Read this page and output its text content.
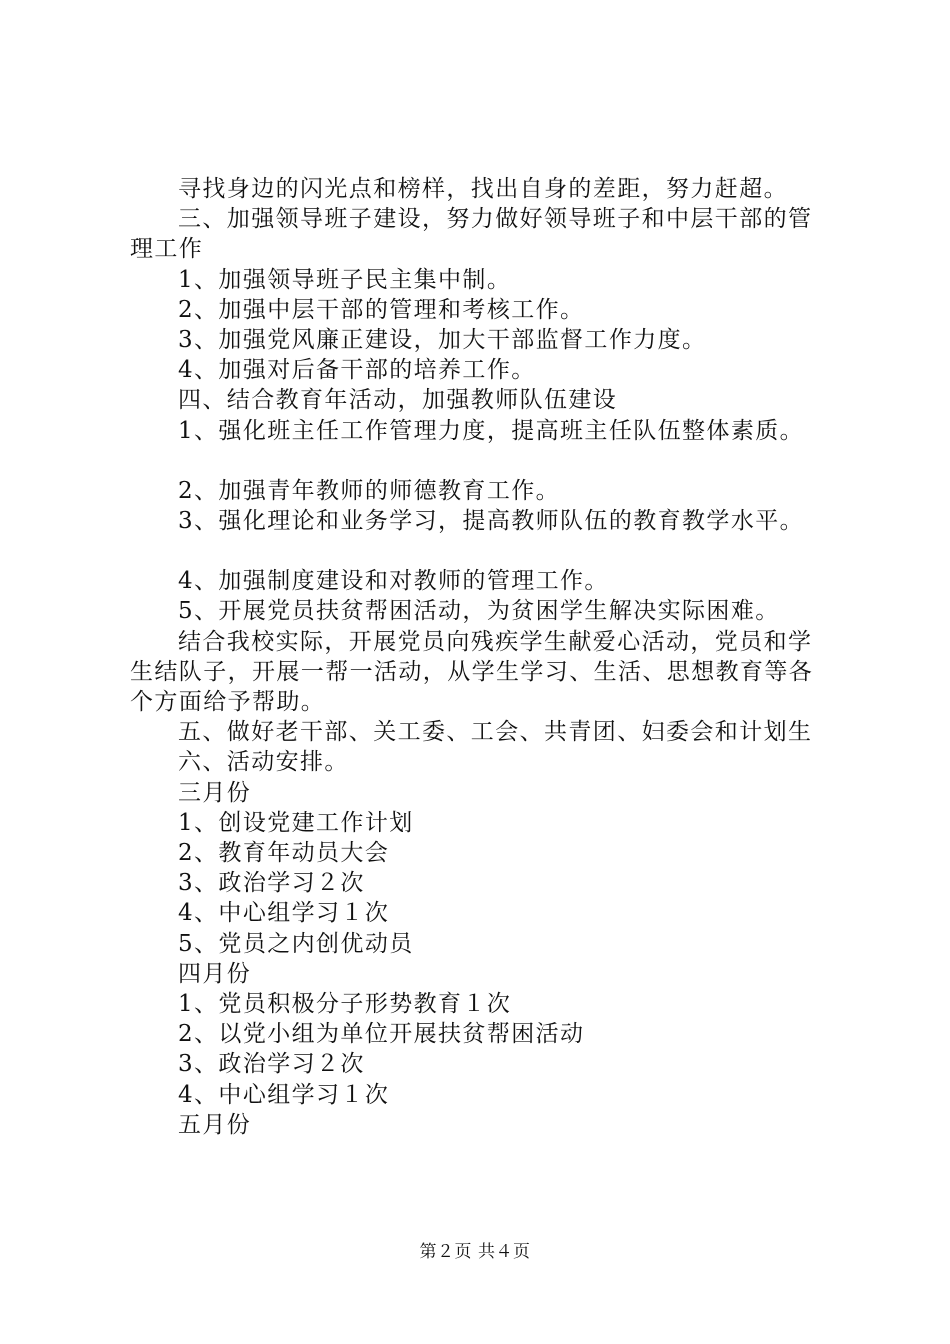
寻找身边的闪光点和榜样，找出自身的差距，努力赶超。

三、加强领导班子建设，努力做好领导班子和中层干部的管理工作

1、加强领导班子民主集中制。

2、加强中层干部的管理和考核工作。

3、加强党风廉正建设，加大干部监督工作力度。

4、加强对后备干部的培养工作。

四、结合教育年活动，加强教师队伍建设

1、强化班主任工作管理力度，提高班主任队伍整体素质。

2、加强青年教师的师德教育工作。

3、强化理论和业务学习，提高教师队伍的教育教学水平。

4、加强制度建设和对教师的管理工作。

5、开展党员扶贫帮困活动，为贫困学生解决实际困难。

结合我校实际，开展党员向残疾学生献爱心活动，党员和学生结队子，开展一帮一活动，从学生学习、生活、思想教育等各个方面给予帮助。

五、做好老干部、关工委、工会、共青团、妇委会和计划生

六、活动安排。

三月份

1、创设党建工作计划

2、教育年动员大会

3、政治学习２次

4、中心组学习１次

5、党员之内创优动员

四月份

1、党员积极分子形势教育１次

2、以党小组为单位开展扶贫帮困活动

3、政治学习２次

4、中心组学习１次

五月份

第２页 共４页
